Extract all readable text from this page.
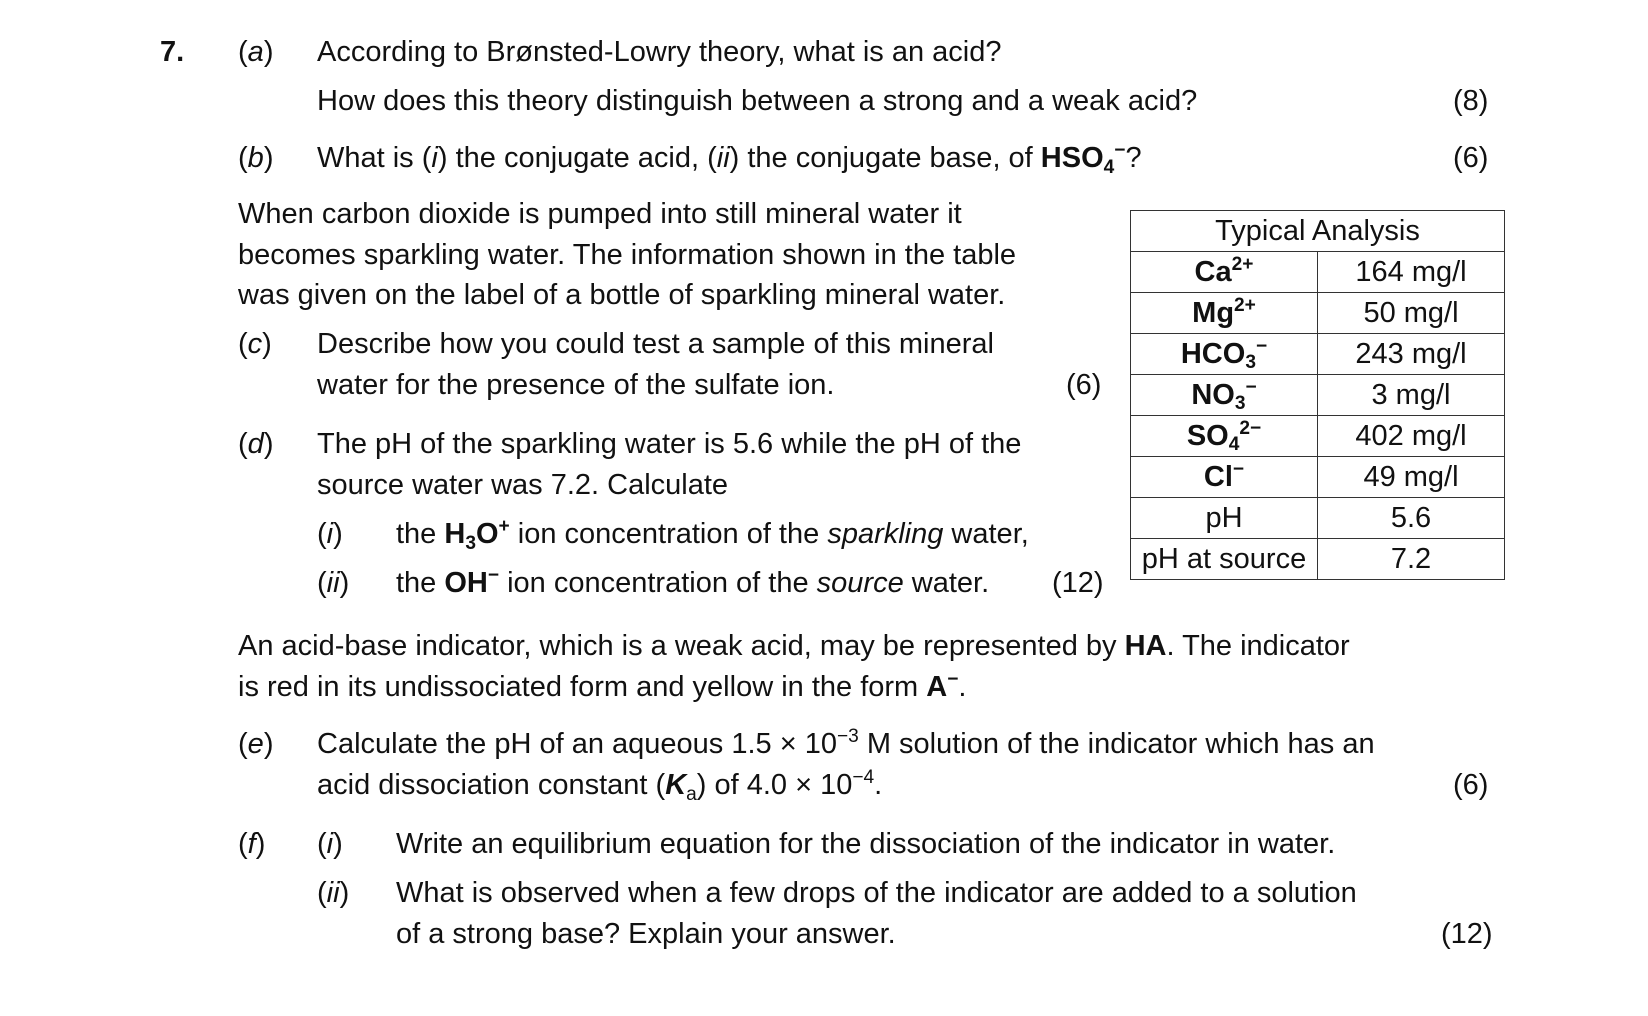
7. (a) According to Brønsted-Lowry theory, what is an acid?
How does this theory distinguish between a strong and a weak acid?	(8)
(b) What is (i) the conjugate acid, (ii) the conjugate base, of $HSO_4^-$?	(6)
When carbon dioxide is pumped into still mineral water it
becomes sparkling water. The information shown in the table
was given on the label of a bottle of sparkling mineral water.
(c) Describe how you could test a sample of this mineral
water for the presence of the sulfate ion.	(6)
(d) The pH of the sparkling water is 5.6 while the pH of the
source water was 7.2. Calculate
(i) the $H_3O^+$ ion concentration of the sparkling water,
(ii) the OH− ion concentration of the source water. (12)
Typical Analysis	
$Ca^{2+}$	164 mg/l
$Mg^{2+}$	50 mg/l
$HCO_3^-$	243 mg/l
$NO_3^-$	3 mg/l
$SO_4^{2-}$	402 mg/l
Cl−	49 mg/l
pH	5.6
pH at source	7.2
An acid-base indicator, which is a weak acid, may be represented by HA. The indicator
is red in its undissociated form and yellow in the form A−.
(e) Calculate the pH of an aqueous $1.5 \times 10^{-3}$ M solution of the indicator which has an
acid dissociation constant $(K_a)$ of $4.0 \times 10^{-4}$.	(6)
(f) (i) Write an equilibrium equation for the dissociation of the indicator in water.
(ii) What is observed when a few drops of the indicator are added to a solution
of a strong base? Explain your answer.	(12)
